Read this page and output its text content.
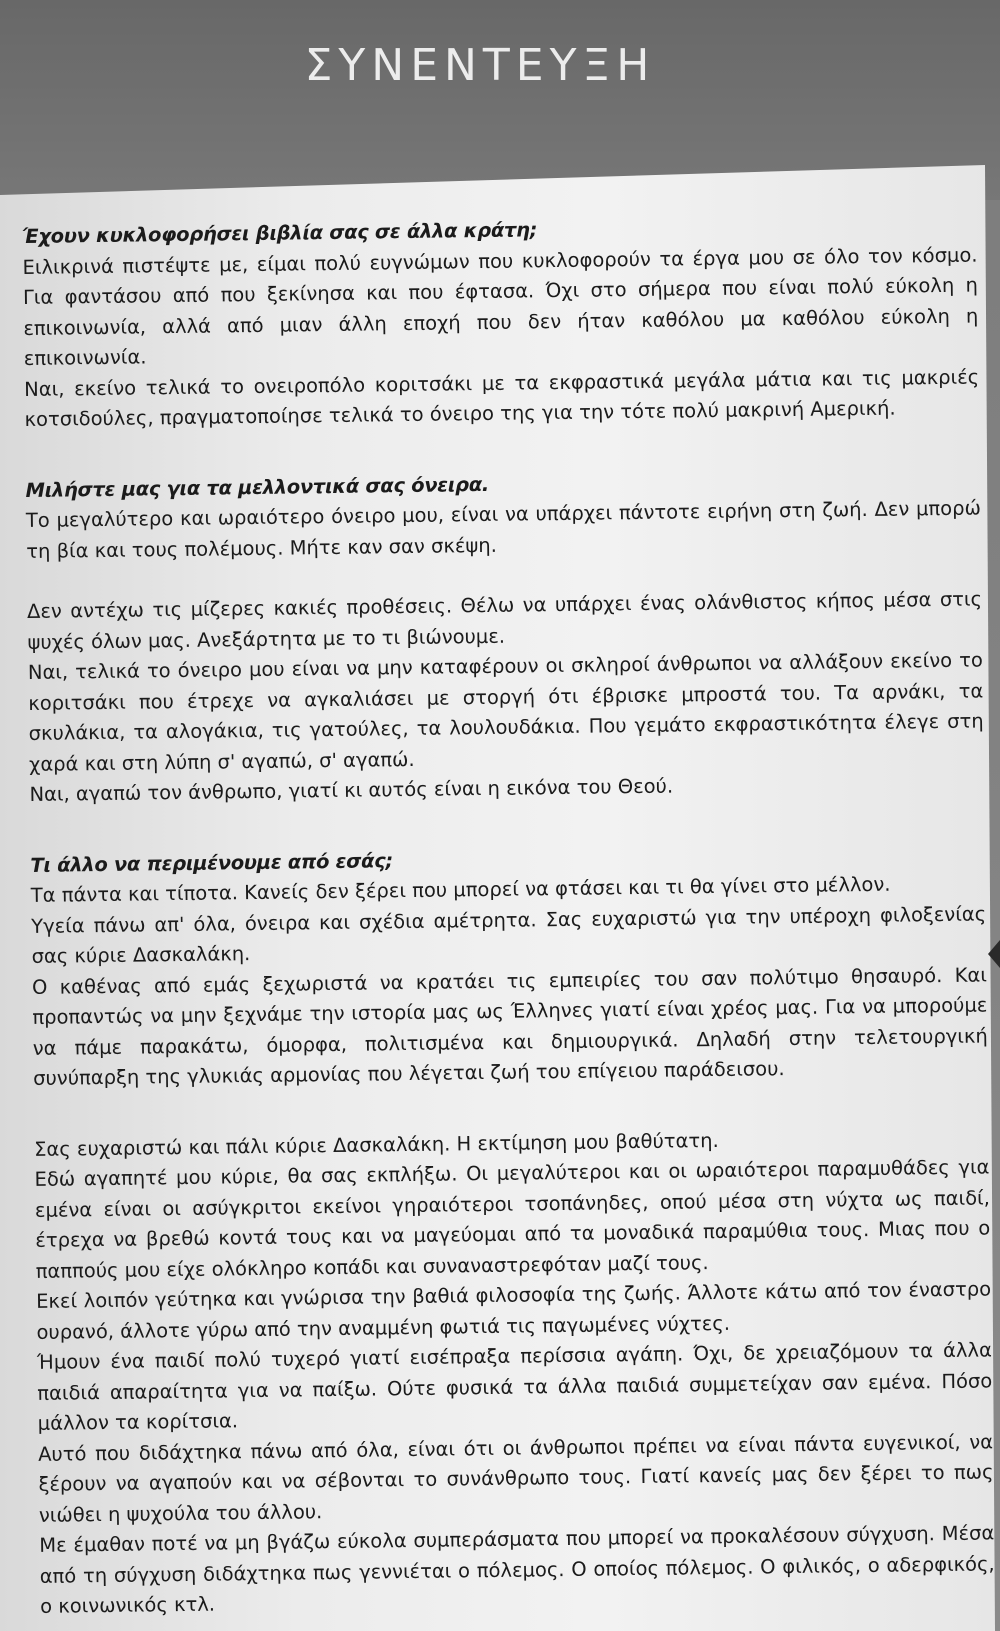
ΣΥΝΕΝΤΕΥΞΗ
Έχουν κυκλοφορήσει βιβλία σας σε άλλα κράτη;

Ειλικρινά πιστέψτε με, είμαι πολύ ευγνώμων που κυκλοφορούν τα έργα μου σε όλο τον κόσμο. Για φαντάσου από που ξεκίνησα και που έφτασα. Όχι στο σήμερα που είναι πολύ εύκολη η επικοινωνία, αλλά από μιαν άλλη εποχή που δεν ήταν καθόλου μα καθόλου εύκολη η επικοινωνία.

Ναι, εκείνο τελικά το ονειροπόλο κοριτσάκι με τα εκφραστικά μεγάλα μάτια και τις μακριές κοτσιδούλες, πραγματοποίησε τελικά το όνειρο της για την τότε πολύ μακρινή Αμερική.

Μιλήστε μας για τα μελλοντικά σας όνειρα.

Το μεγαλύτερο και ωραιότερο όνειρο μου, είναι να υπάρχει πάντοτε ειρήνη στη ζωή. Δεν μπορώ τη βία και τους πολέμους. Μήτε καν σαν σκέψη.

Δεν αντέχω τις μίζερες κακιές προθέσεις. Θέλω να υπάρχει ένας ολάνθιστος κήπος μέσα στις ψυχές όλων μας. Ανεξάρτητα με το τι βιώνουμε.

Ναι, τελικά το όνειρο μου είναι να μην καταφέρουν οι σκληροί άνθρωποι να αλλάξουν εκείνο το κοριτσάκι που έτρεχε να αγκαλιάσει με στοργή ότι έβρισκε μπροστά του. Τα αρνάκι, τα σκυλάκια, τα αλογάκια, τις γατούλες, τα λουλουδάκια. Που γεμάτο εκφραστικότητα έλεγε στη χαρά και στη λύπη σ' αγαπώ, σ' αγαπώ.

Ναι, αγαπώ τον άνθρωπο, γιατί κι αυτός είναι η εικόνα του Θεού.

Τι άλλο να περιμένουμε από εσάς;

Τα πάντα και τίποτα. Κανείς δεν ξέρει που μπορεί να φτάσει και τι θα γίνει στο μέλλον.

Υγεία πάνω απ' όλα, όνειρα και σχέδια αμέτρητα. Σας ευχαριστώ για την υπέροχη φιλοξενίας σας κύριε Δασκαλάκη.

Ο καθένας από εμάς ξεχωριστά να κρατάει τις εμπειρίες του σαν πολύτιμο θησαυρό. Και προπαντώς να μην ξεχνάμε την ιστορία μας ως Έλληνες γιατί είναι χρέος μας. Για να μπορούμε να πάμε παρακάτω, όμορφα, πολιτισμένα και δημιουργικά. Δηλαδή στην τελετουργική συνύπαρξη της γλυκιάς αρμονίας που λέγεται ζωή του επίγειου παράδεισου.

Σας ευχαριστώ και πάλι κύριε Δασκαλάκη. Η εκτίμηση μου βαθύτατη.

Εδώ αγαπητέ μου κύριε, θα σας εκπλήξω. Οι μεγαλύτεροι και οι ωραιότεροι παραμυθάδες για εμένα είναι οι ασύγκριτοι εκείνοι γηραιότεροι τσοπάνηδες, οπού μέσα στη νύχτα ως παιδί, έτρεχα να βρεθώ κοντά τους και να μαγεύομαι από τα μοναδικά παραμύθια τους. Μιας που ο παππούς μου είχε ολόκληρο κοπάδι και συναναστρεφόταν μαζί τους.

Εκεί λοιπόν γεύτηκα και γνώρισα την βαθιά φιλοσοφία της ζωής. Άλλοτε κάτω από τον έναστρο ουρανό, άλλοτε γύρω από την αναμμένη φωτιά τις παγωμένες νύχτες.

Ήμουν ένα παιδί πολύ τυχερό γιατί εισέπραξα περίσσια αγάπη. Όχι, δε χρειαζόμουν τα άλλα παιδιά απαραίτητα για να παίξω. Ούτε φυσικά τα άλλα παιδιά συμμετείχαν σαν εμένα. Πόσο μάλλον τα κορίτσια.

Αυτό που διδάχτηκα πάνω από όλα, είναι ότι οι άνθρωποι πρέπει να είναι πάντα ευγενικοί, να ξέρουν να αγαπούν και να σέβονται το συνάνθρωπο τους. Γιατί κανείς μας δεν ξέρει το πως νιώθει η ψυχούλα του άλλου.

Με έμαθαν ποτέ να μη βγάζω εύκολα συμπεράσματα που μπορεί να προκαλέσουν σύγχυση. Μέσα από τη σύγχυση διδάχτηκα πως γεννιέται ο πόλεμος. Ο οποίος πόλεμος. Ο φιλικός, ο αδερφικός, ο κοινωνικός κτλ.
